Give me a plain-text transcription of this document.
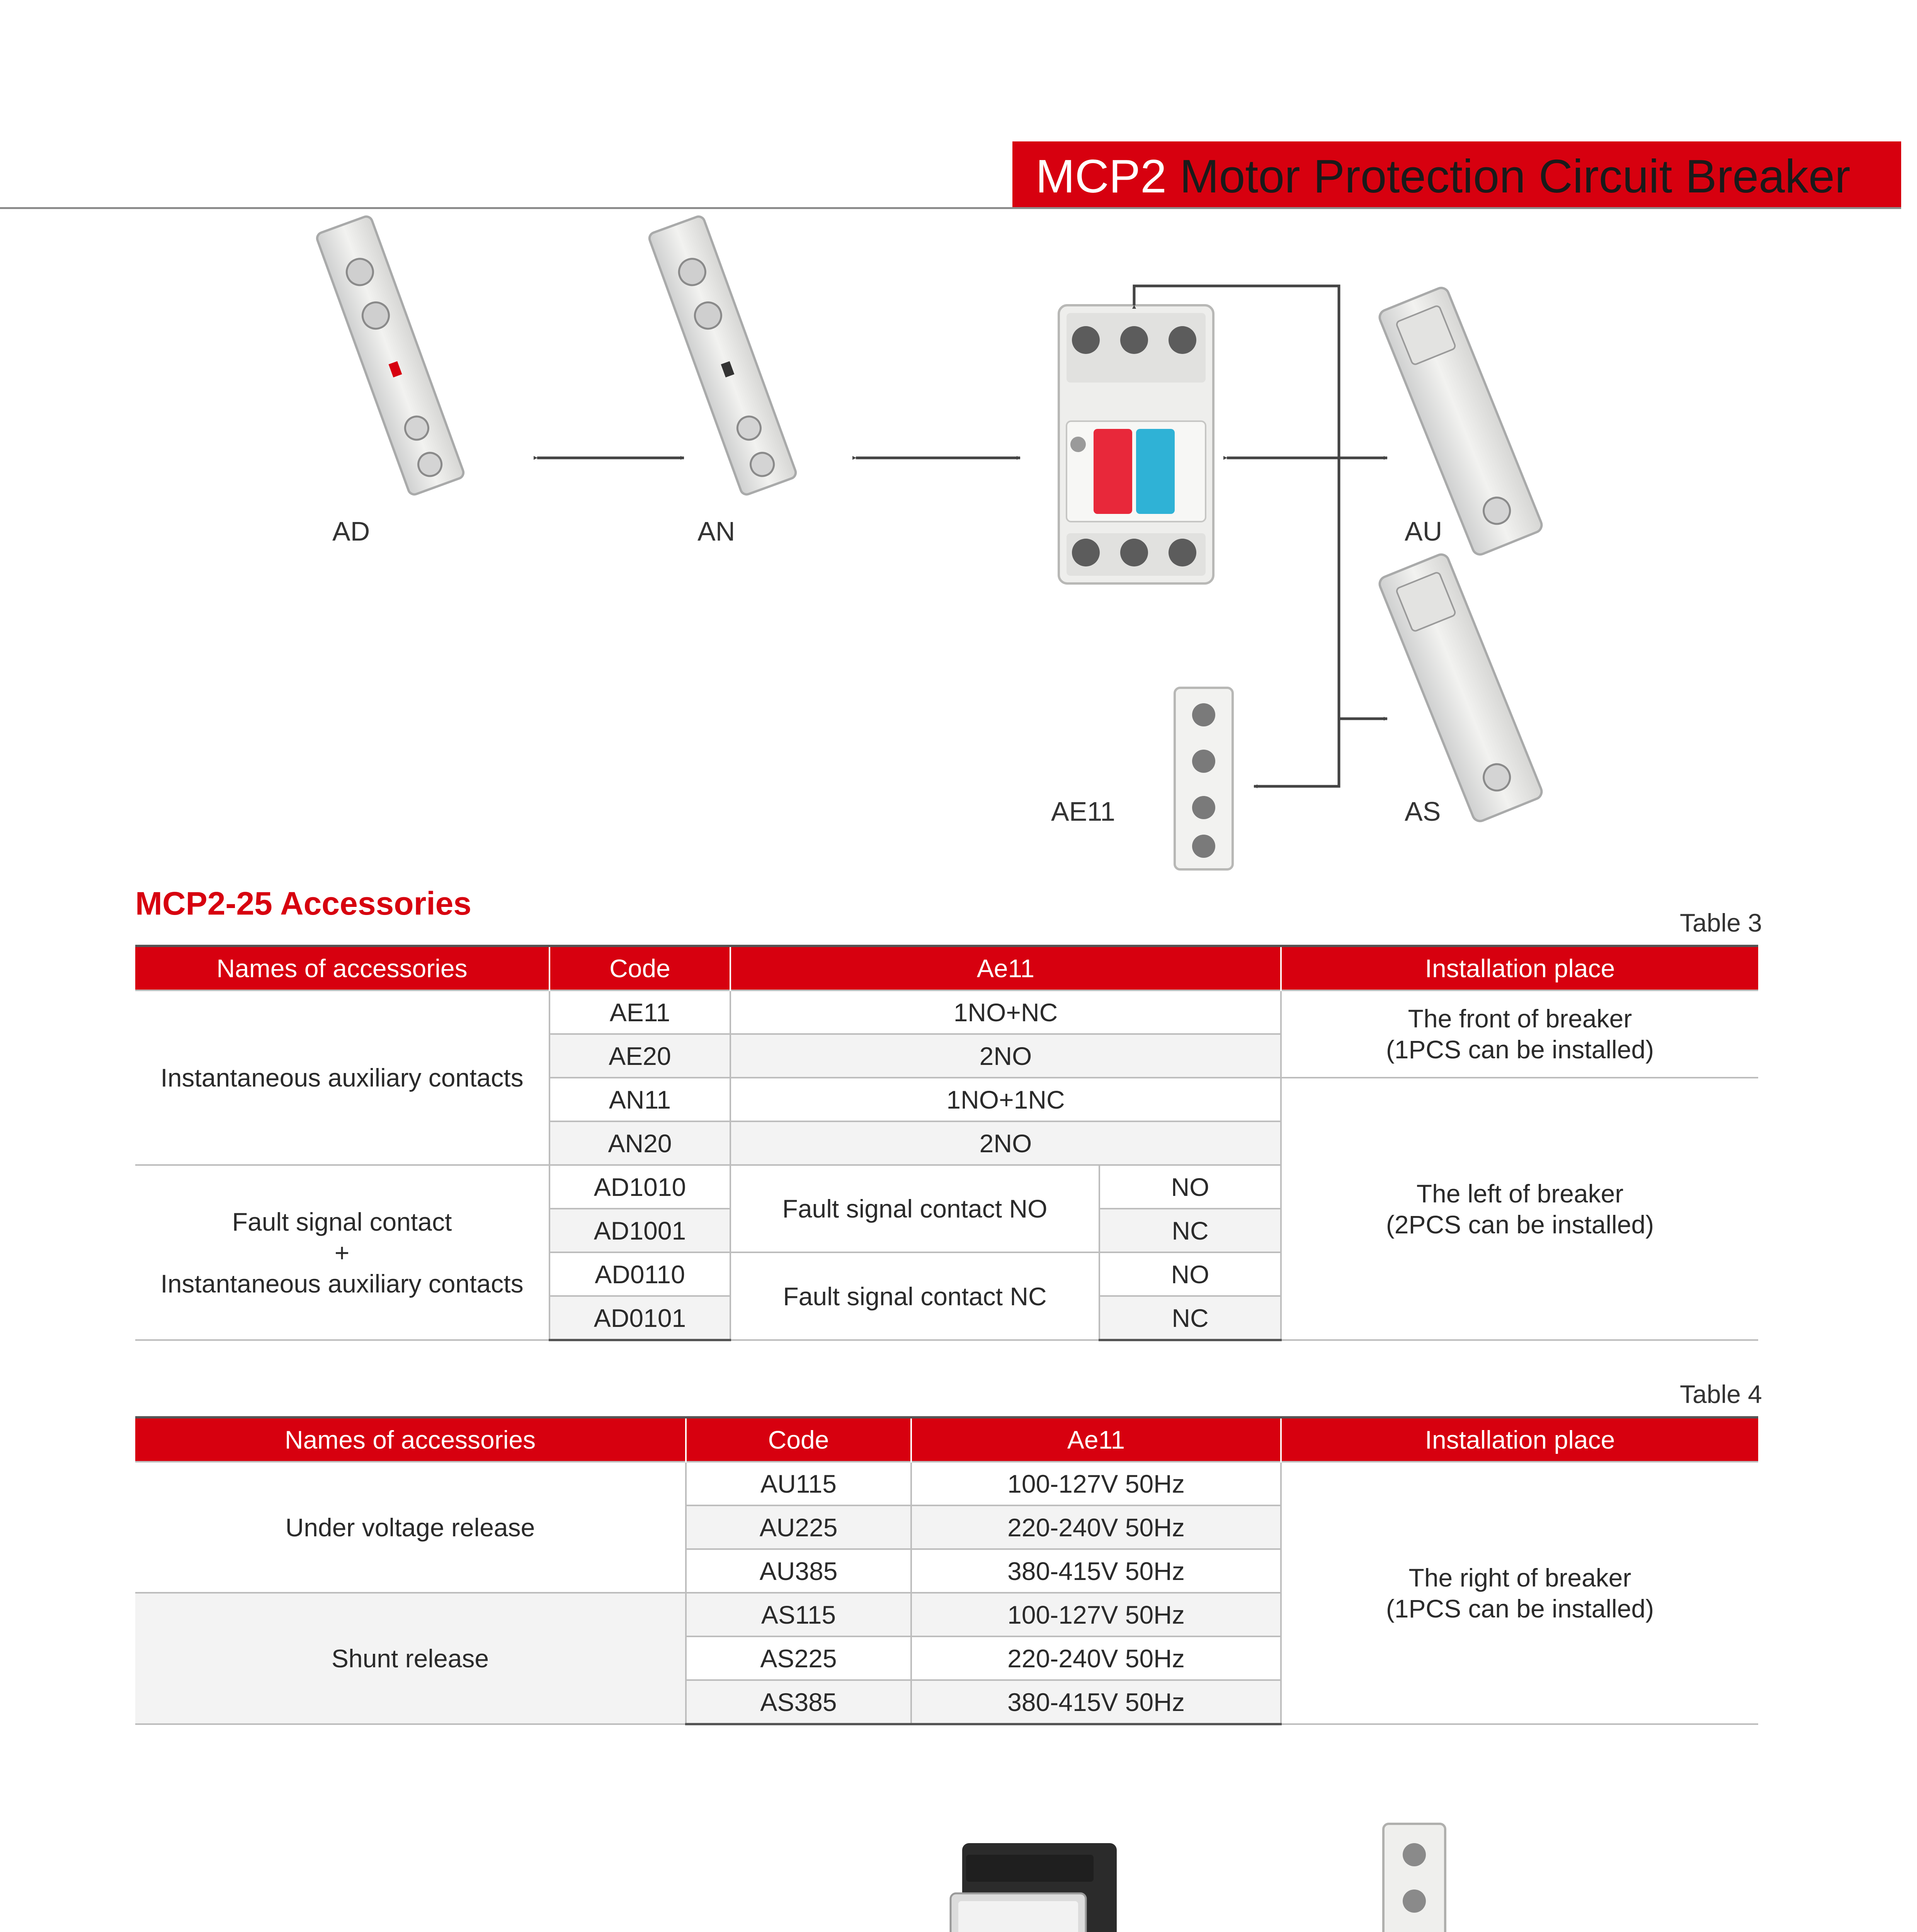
MCP2 Motor Protection Circuit Breaker
AD	AN	AU
AS
AE11
MCP2-25 Accessories
Table 3
Names of accessories	Code	Ae11		Installation place
Instantaneous auxiliary contacts	AE11	1NO+NC		The front of breaker
(1PCS can be installed)
	AE20	2NO		
	AN11	1NO+1NC		The left of breaker
(2PCS can be installed)
	AN20	2NO		
Fault signal contact
+
Instantaneous auxiliary contacts	AD1010	Fault signal contact NO	NO	
	AD1001		NC	
	AD0110	Fault signal contact NC	NO	
	AD0101		NC	
Table 4
Names of accessories	Code	Ae11	Installation place
Under voltage release	AU115	100-127V 50Hz	The right of breaker
(1PCS can be installed)
	AU225	220-240V 50Hz	
	AU385	380-415V 50Hz	
Shunt release	AS115	100-127V 50Hz	
	AS225	220-240V 50Hz	
	AS385	380-415V 50Hz	
